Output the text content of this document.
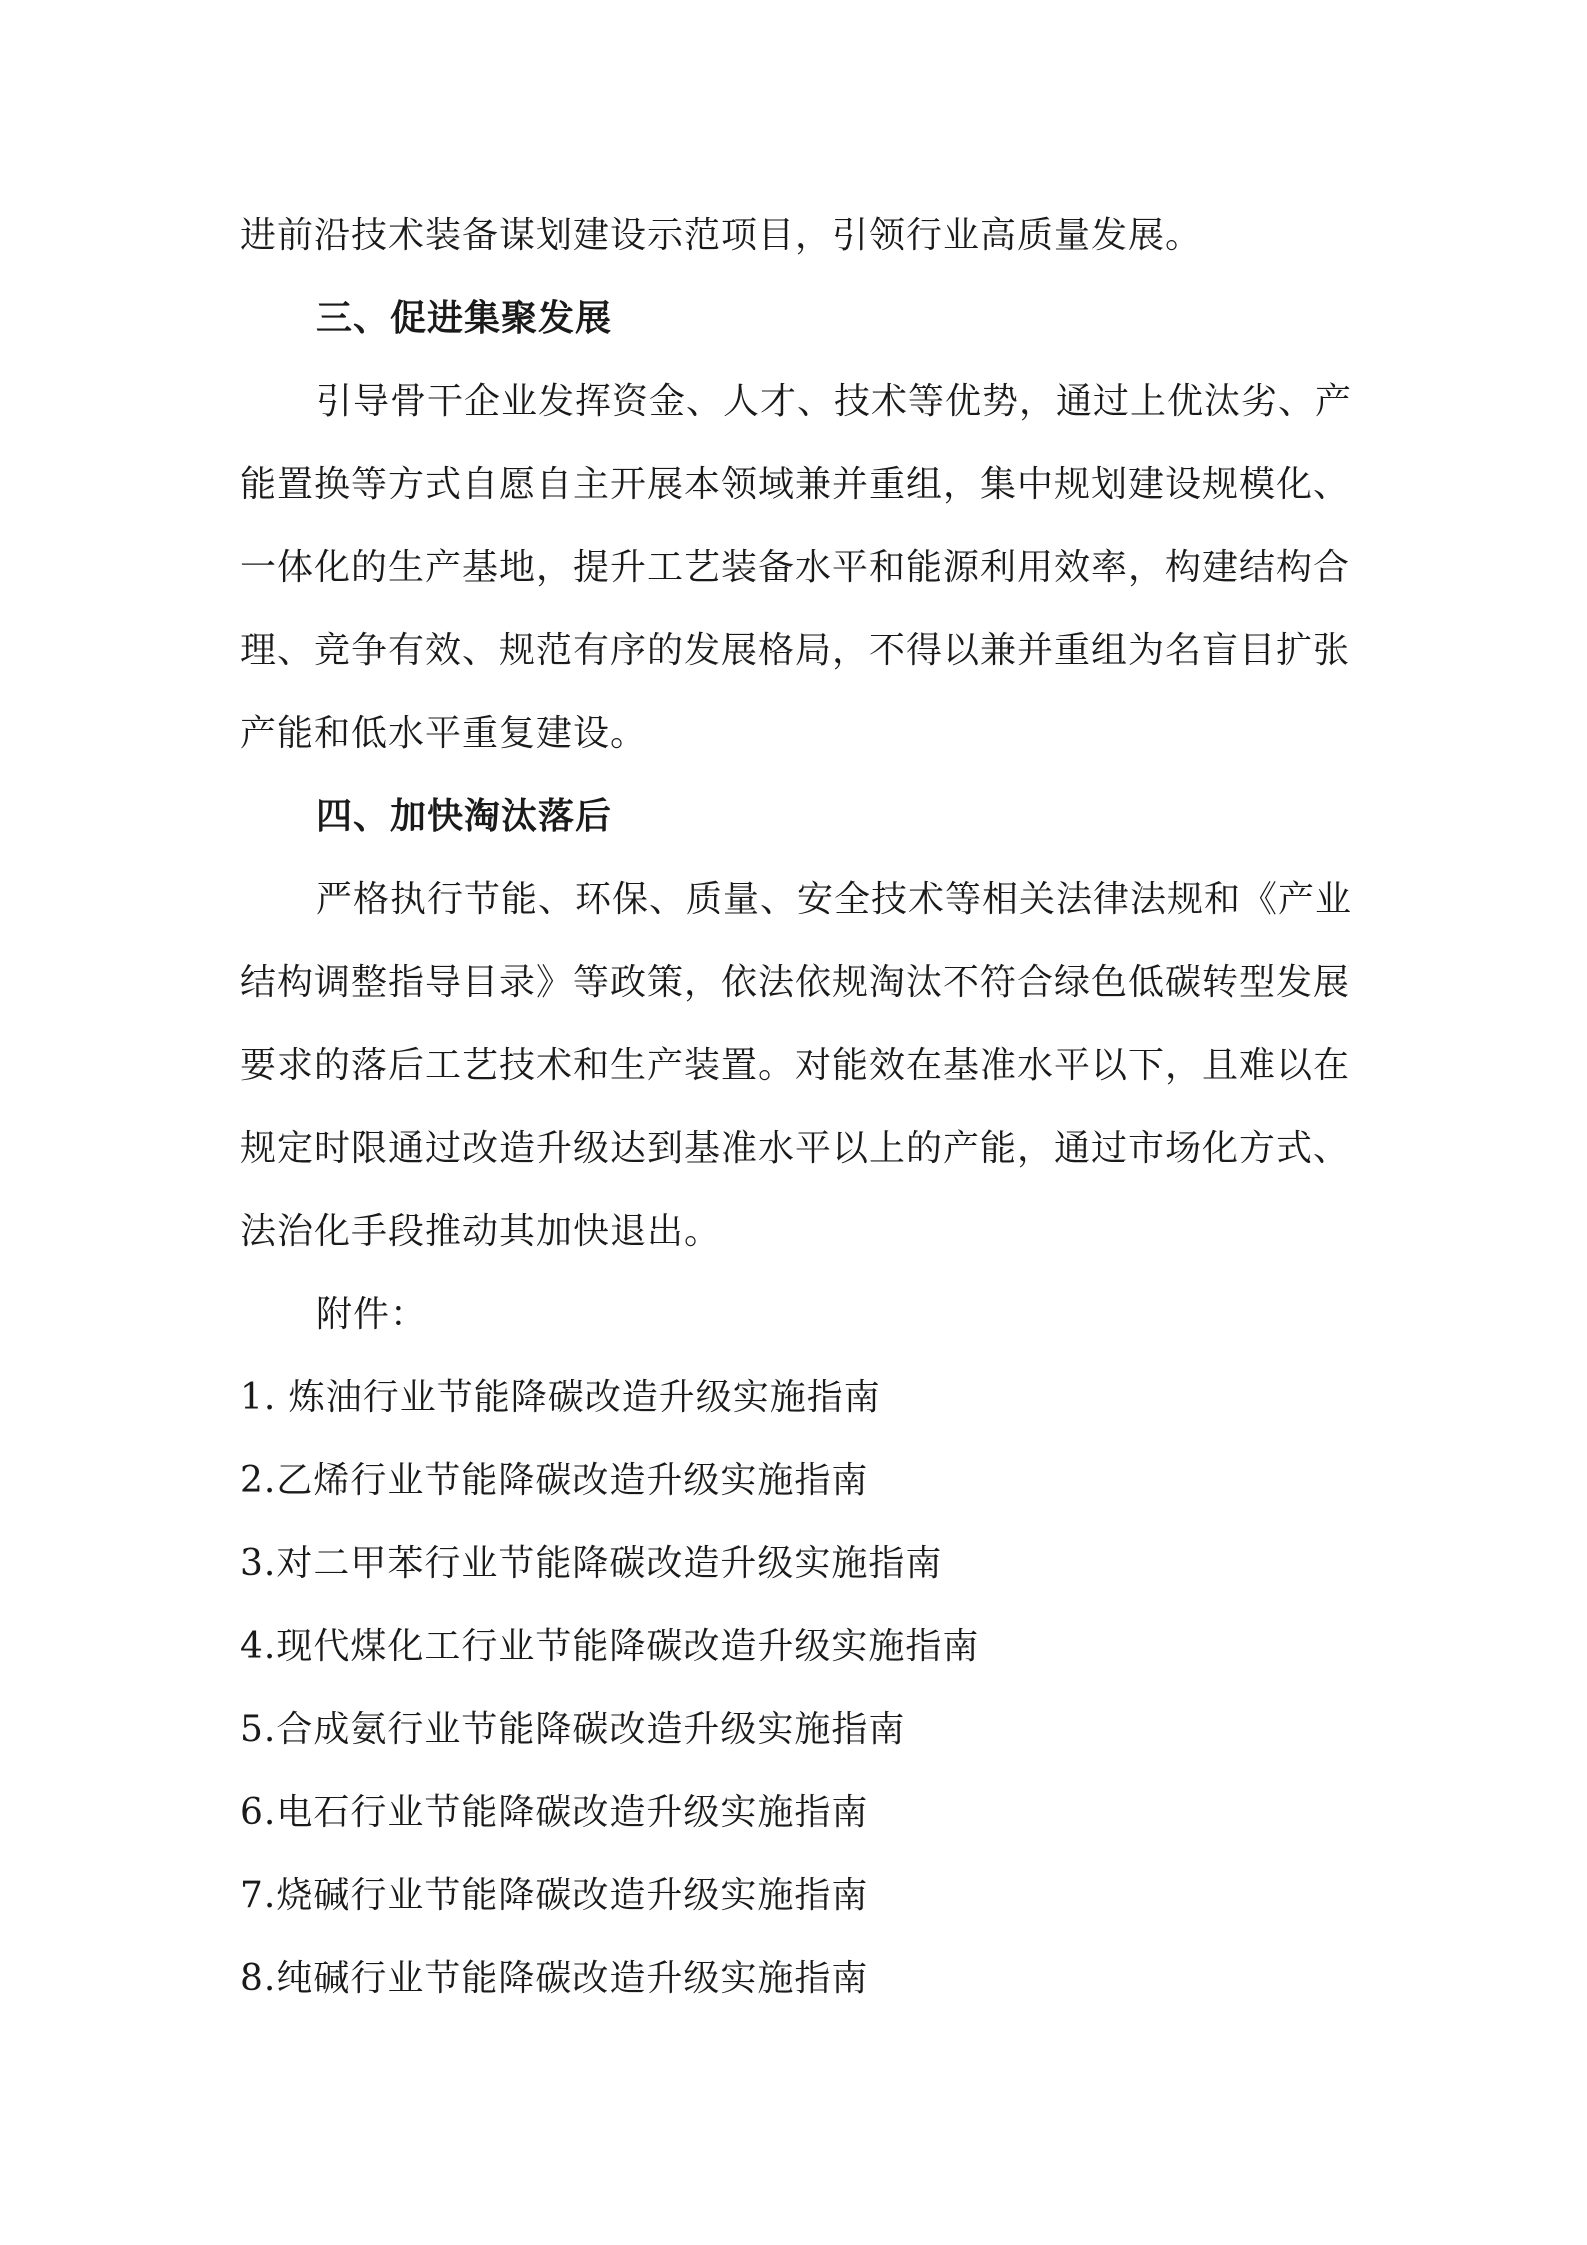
进前沿技术装备谋划建设示范项目，引领行业高质量发展。
三、促进集聚发展
引导骨干企业发挥资金、人才、技术等优势，通过上优汰劣、产
能置换等方式自愿自主开展本领域兼并重组，集中规划建设规模化、
一体化的生产基地，提升工艺装备水平和能源利用效率，构建结构合
理、竞争有效、规范有序的发展格局，不得以兼并重组为名盲目扩张
产能和低水平重复建设。
四、加快淘汰落后
严格执行节能、环保、质量、安全技术等相关法律法规和《产业
结构调整指导目录》等政策，依法依规淘汰不符合绿色低碳转型发展
要求的落后工艺技术和生产装置。对能效在基准水平以下，且难以在
规定时限通过改造升级达到基准水平以上的产能，通过市场化方式、
法治化手段推动其加快退出。
附件：
1. 炼油行业节能降碳改造升级实施指南
2.乙烯行业节能降碳改造升级实施指南
3.对二甲苯行业节能降碳改造升级实施指南
4.现代煤化工行业节能降碳改造升级实施指南
5.合成氨行业节能降碳改造升级实施指南
6.电石行业节能降碳改造升级实施指南
7.烧碱行业节能降碳改造升级实施指南
8.纯碱行业节能降碳改造升级实施指南
